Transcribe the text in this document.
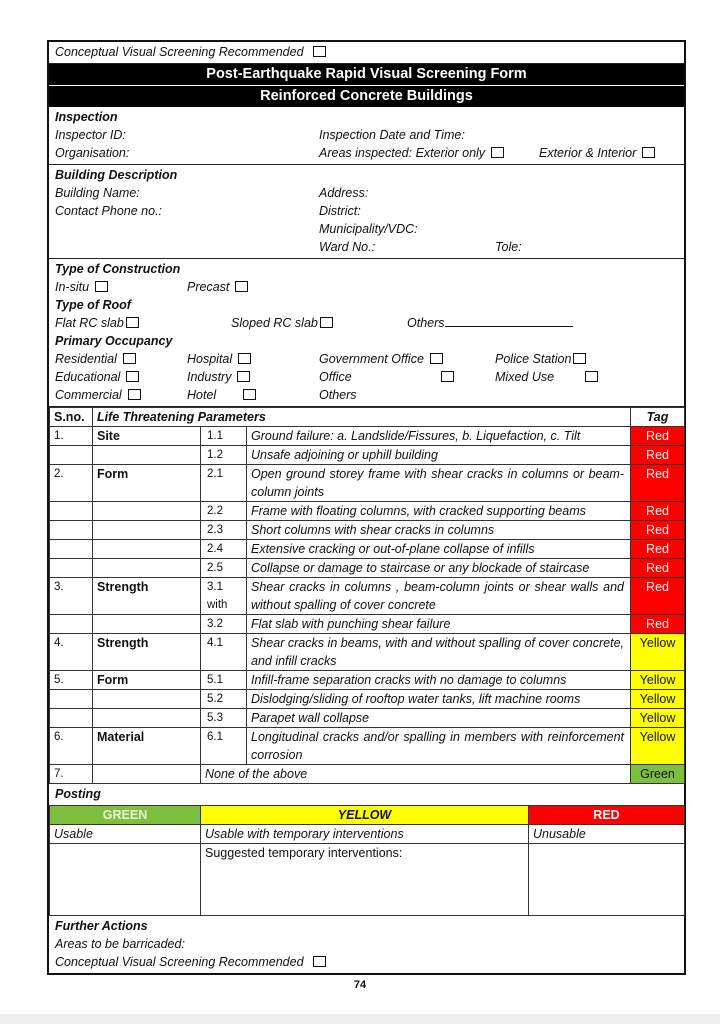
Conceptual Visual Screening Recommended
Post-Earthquake Rapid Visual Screening Form
Reinforced Concrete Buildings
Inspection
Inspector ID:	Inspection Date and Time:
Organisation:	Areas inspected: Exterior only	Exterior & Interior
Building Description
Building Name:	Address:
Contact Phone no.:	District:
Municipality/VDC:
Ward No.:	Tole:
Type of Construction
In-situ	Precast
Type of Roof
Flat RC slab	Sloped RC slab	Others
Primary Occupancy
Residential	Hospital	Government Office	Police Station
Educational	Industry	Office	Mixed Use
Commercial	Hotel	Others
S.no.	Life Threatening Parameters			Tag
1.	Site	1.1	Ground failure: a. Landslide/Fissures, b. Liquefaction, c. Tilt	Red
		1.2	Unsafe adjoining or uphill building	Red
2.	Form	2.1	Open ground storey frame with shear cracks in columns or beam-column joints	Red
		2.2	Frame with floating columns, with cracked supporting beams	Red
		2.3	Short columns with shear cracks in columns	Red
		2.4	Extensive cracking or out-of-plane collapse of infills	Red
		2.5	Collapse or damage to staircase or any blockade of staircase	Red
3.	Strength	3.1 with	Shear cracks in columns , beam-column joints or shear walls and without spalling of cover concrete	Red
		3.2	Flat slab with punching shear failure	Red
4.	Strength	4.1	Shear cracks in beams, with and without spalling of cover concrete, and infill cracks	Yellow
5.	Form	5.1	Infill-frame separation cracks with no damage to columns	Yellow
		5.2	Dislodging/sliding of rooftop water tanks, lift machine rooms	Yellow
		5.3	Parapet wall collapse	Yellow
6.	Material	6.1	Longitudinal cracks and/or spalling in members with reinforcement corrosion	Yellow
7.		None of the above		Green
Posting
GREEN	YELLOW	RED
Usable	Usable with temporary interventions	Unusable
	Suggested temporary interventions:	
Further Actions
Areas to be barricaded:
Conceptual Visual Screening Recommended
74
